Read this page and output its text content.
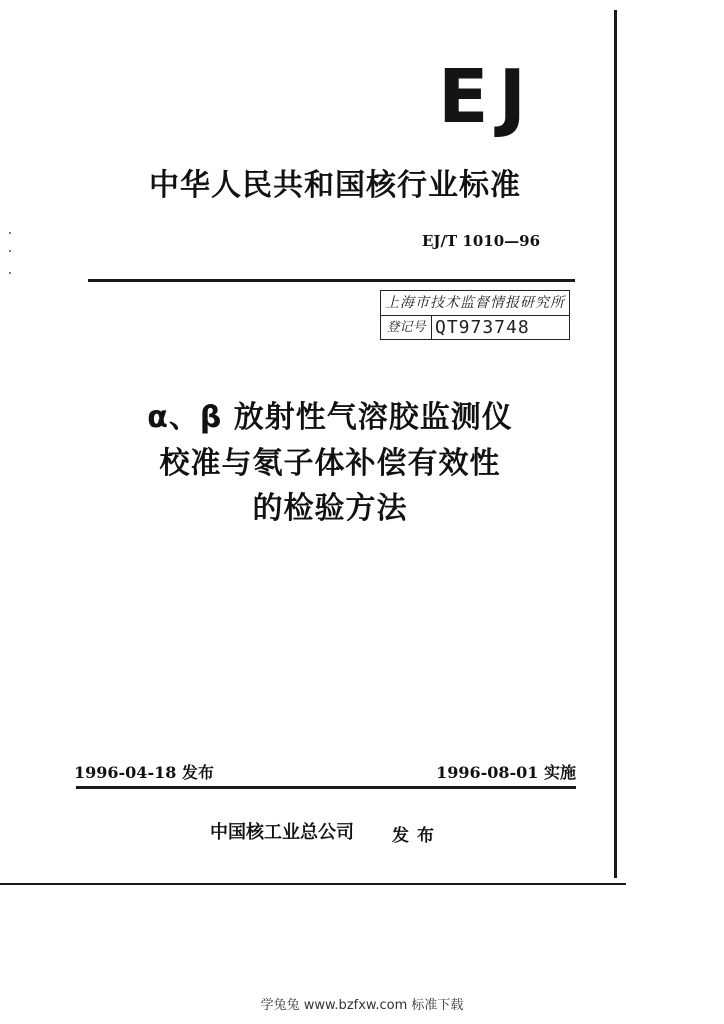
EJ
中华人民共和国核行业标准
EJ/T 1010—96
上海市技术监督情报研究所
登记号 QT973748
α、β 放射性气溶胶监测仪
校准与氡子体补偿有效性
的检验方法
1996-04-18 发布	1996-08-01 实施
中国核工业总公司 发布
学兔兔 www.bzfxw.com 标准下载
